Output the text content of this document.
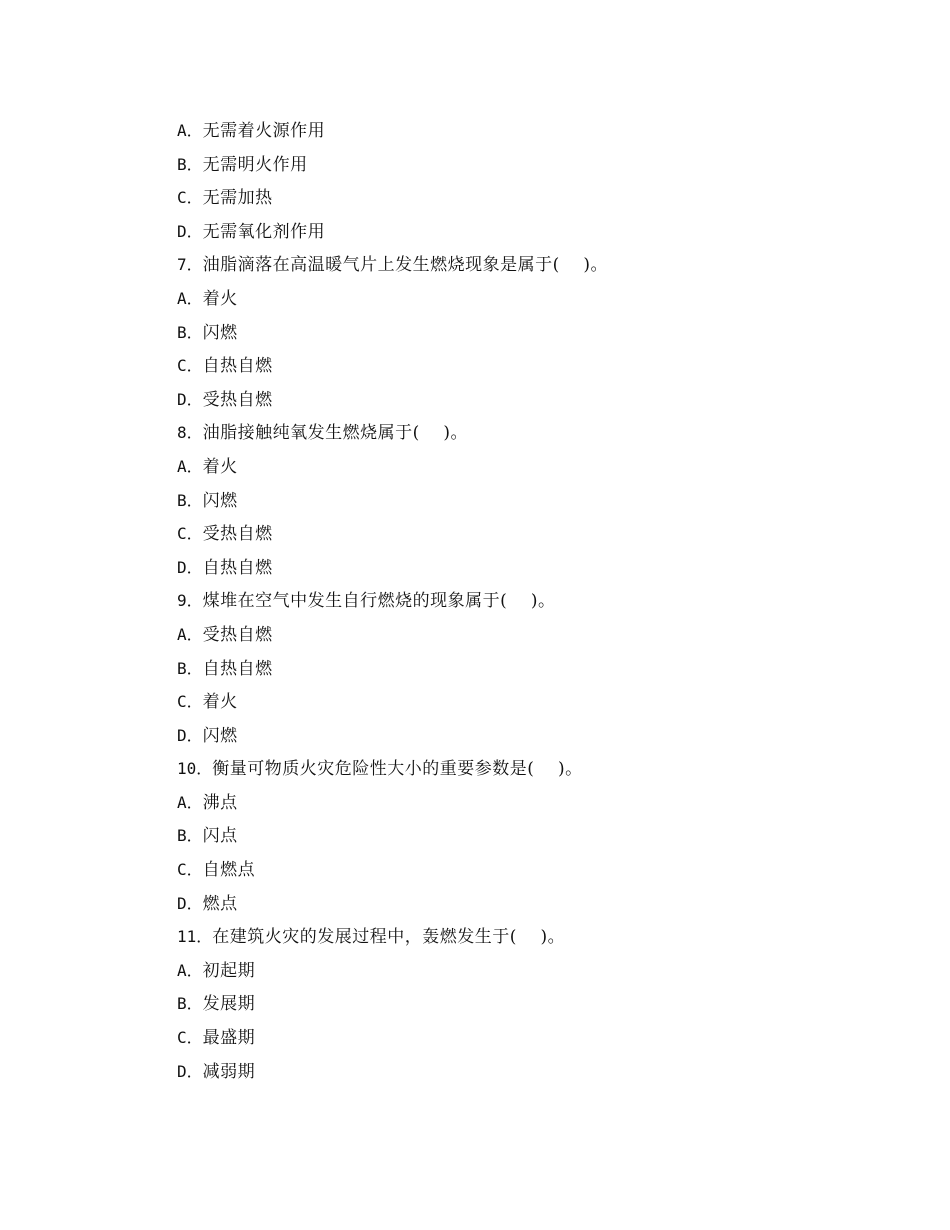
A． 无需着火源作用
B． 无需明火作用
C． 无需加热
D． 无需氧化剂作用
7． 油脂滴落在高温暖气片上发生燃烧现象是属于(    )。
A． 着火
B． 闪燃
C． 自热自燃
D． 受热自燃
8． 油脂接触纯氧发生燃烧属于(    )。
A． 着火
B． 闪燃
C． 受热自燃
D． 自热自燃
9． 煤堆在空气中发生自行燃烧的现象属于(    )。
A． 受热自燃
B． 自热自燃
C． 着火
D． 闪燃
10． 衡量可物质火灾危险性大小的重要参数是(    )。
A． 沸点
B． 闪点
C． 自燃点
D． 燃点
11． 在建筑火灾的发展过程中，轰燃发生于(    )。
A． 初起期
B． 发展期
C． 最盛期
D． 减弱期
